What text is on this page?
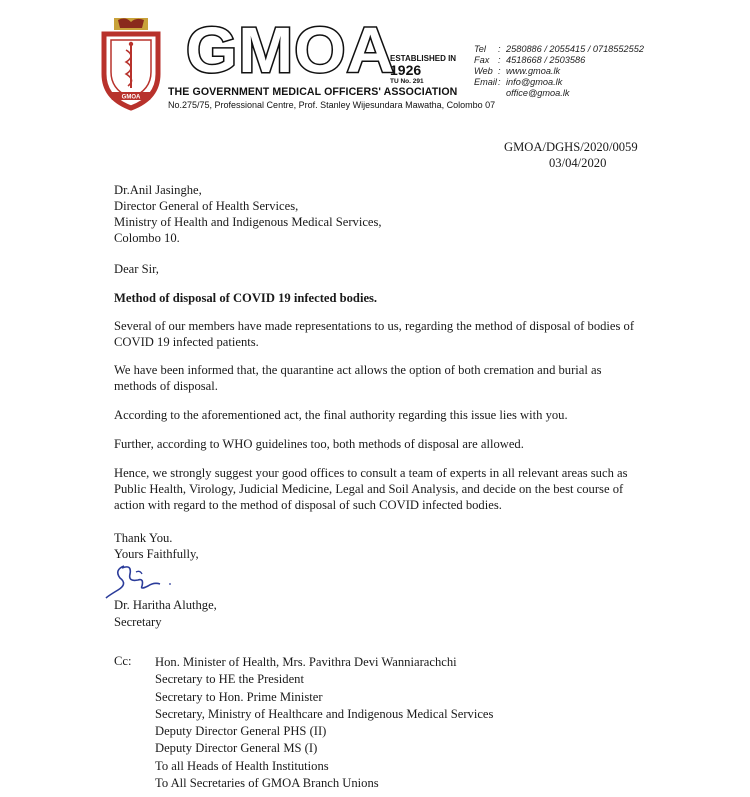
GMOA
GMOA
ESTABLISHED IN
1926
TU No. 291
THE GOVERNMENT MEDICAL OFFICERS' ASSOCIATION
No.275/75, Professional Centre, Prof. Stanley Wijesundara Mawatha, Colombo 07
Tel	: 2580886 / 2055415 / 0718552552
Fax : 4518668 / 2503586
Web : www.gmoa.lk
Email : info@gmoa.lk
office@gmoa.lk
GMOA/DGHS/2020/0059
03/04/2020
Dr.Anil Jasinghe,
Director General of Health Services,
Ministry of Health and Indigenous Medical Services,
Colombo 10.
Dear Sir,
Method of disposal of COVID 19 infected bodies.
Several of our members have made representations to us, regarding the method of disposal of bodies of COVID 19 infected patients.
We have been informed that, the quarantine act allows the option of both cremation and burial as methods of disposal.
According to the aforementioned act, the final authority regarding this issue lies with you.
Further, according to WHO guidelines too, both methods of disposal are allowed.
Hence, we strongly suggest your good offices to consult a team of experts in all relevant areas such as Public Health, Virology, Judicial Medicine, Legal and Soil Analysis, and decide on the best course of action with regard to the method of disposal of such COVID infected bodies.
Thank You.
Yours Faithfully,
Dr. Haritha Aluthge,
Secretary
Cc: Hon. Minister of Health, Mrs. Pavithra Devi Wanniarachchi
Secretary to HE the President
Secretary to Hon. Prime Minister
Secretary, Ministry of Healthcare and Indigenous Medical Services
Deputy Director General PHS (II)
Deputy Director General MS (I)
To all Heads of Health Institutions
To All Secretaries of GMOA Branch Unions
